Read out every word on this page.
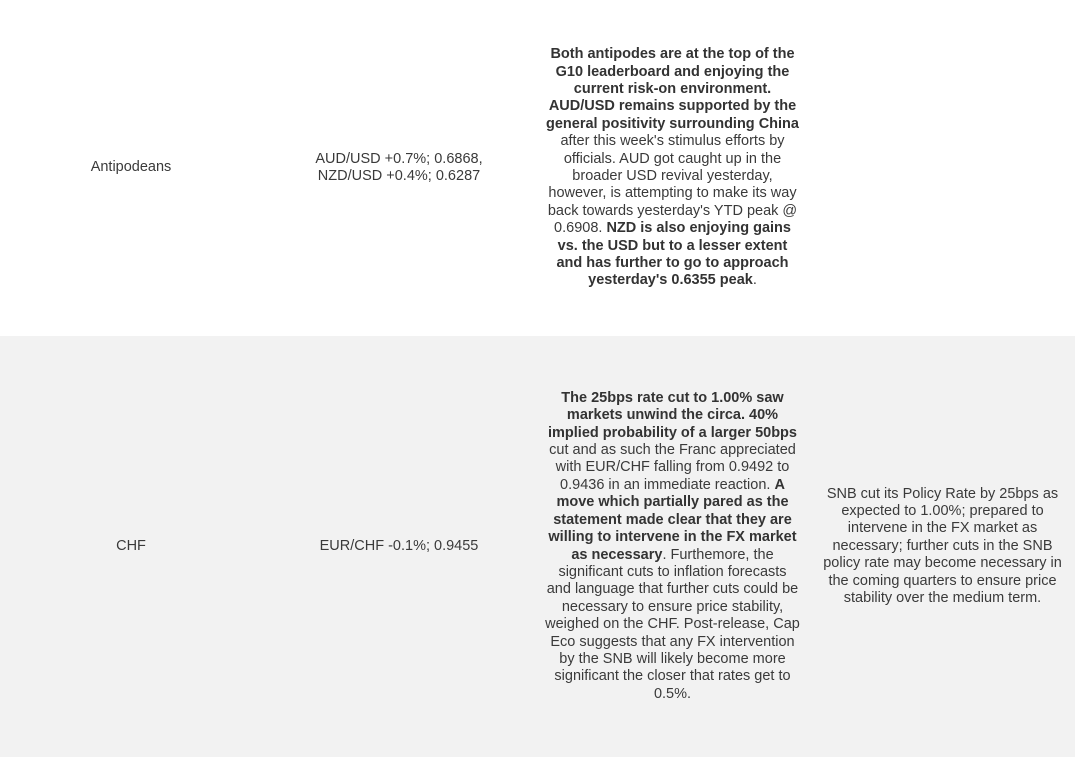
Antipodeans
AUD/USD +0.7%; 0.6868,
NZD/USD +0.4%; 0.6287

Both antipodes are at the top of the G10 leaderboard and enjoying the current risk-on environment. AUD/USD remains supported by the general positivity surrounding China after this week's stimulus efforts by officials. AUD got caught up in the broader USD revival yesterday, however, is attempting to make its way back towards yesterday's YTD peak @ 0.6908. NZD is also enjoying gains vs. the USD but to a lesser extent and has further to go to approach yesterday's 0.6355 peak.

CHF	EUR/CHF -0.1%; 0.9455

The 25bps rate cut to 1.00% saw markets unwind the circa. 40% implied probability of a larger 50bps cut and as such the Franc appreciated with EUR/CHF falling from 0.9492 to 0.9436 in an immediate reaction. A move which partially pared as the statement made clear that they are willing to intervene in the FX market as necessary. Furthemore, the significant cuts to inflation forecasts and language that further cuts could be necessary to ensure price stability, weighed on the CHF. Post-release, Cap Eco suggests that any FX intervention by the SNB will likely become more significant the closer that rates get to 0.5%.

SNB cut its Policy Rate by 25bps as expected to 1.00%; prepared to intervene in the FX market as necessary; further cuts in the SNB policy rate may become necessary in the coming quarters to ensure price stability over the medium term.
